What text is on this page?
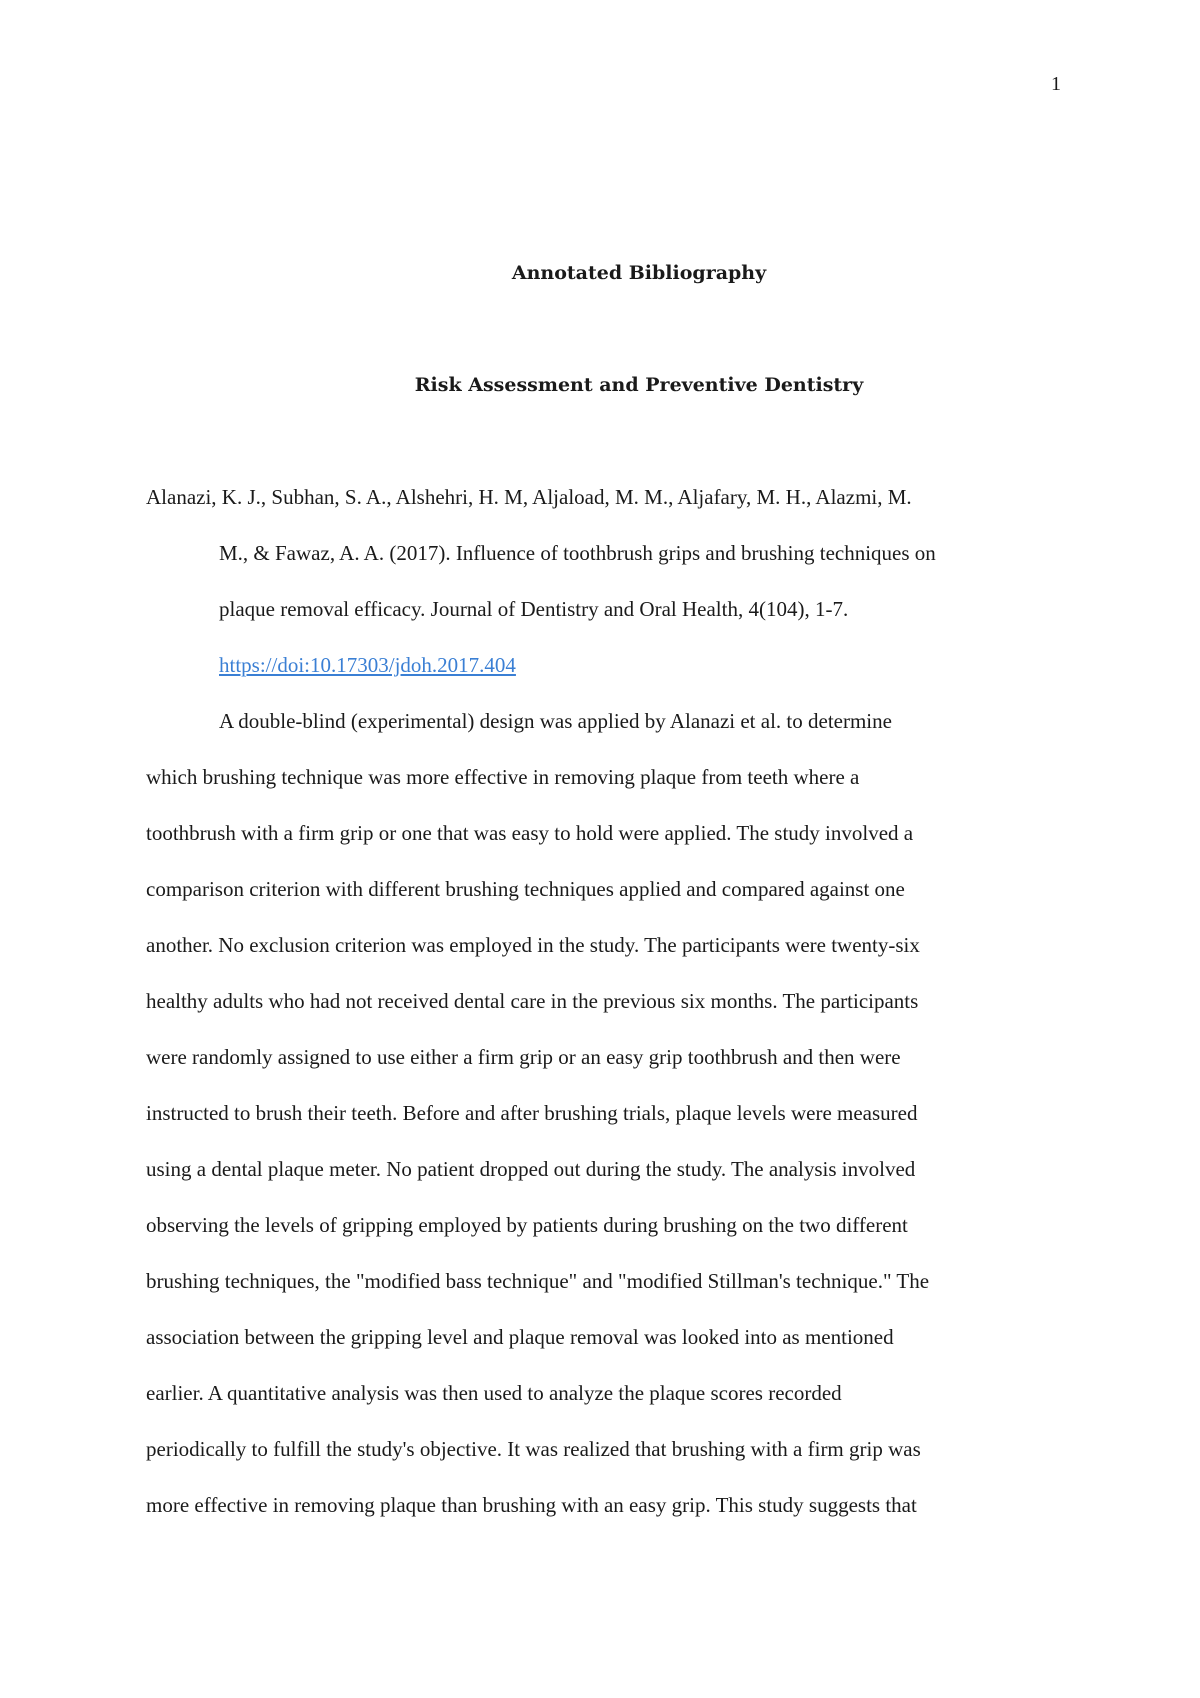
1
Annotated Bibliography
Risk Assessment and Preventive Dentistry
Alanazi, K. J., Subhan, S. A., Alshehri, H. M, Aljaload, M. M., Aljafary, M. H., Alazmi, M.
M., & Fawaz, A. A. (2017). Influence of toothbrush grips and brushing techniques on
plaque removal efficacy. Journal of Dentistry and Oral Health, 4(104), 1-7.
https://doi:10.17303/jdoh.2017.404
A double-blind (experimental) design was applied by Alanazi et al. to determine
which brushing technique was more effective in removing plaque from teeth where a
toothbrush with a firm grip or one that was easy to hold were applied. The study involved a
comparison criterion with different brushing techniques applied and compared against one
another. No exclusion criterion was employed in the study. The participants were twenty-six
healthy adults who had not received dental care in the previous six months. The participants
were randomly assigned to use either a firm grip or an easy grip toothbrush and then were
instructed to brush their teeth. Before and after brushing trials, plaque levels were measured
using a dental plaque meter. No patient dropped out during the study. The analysis involved
observing the levels of gripping employed by patients during brushing on the two different
brushing techniques, the "modified bass technique" and "modified Stillman's technique." The
association between the gripping level and plaque removal was looked into as mentioned
earlier. A quantitative analysis was then used to analyze the plaque scores recorded
periodically to fulfill the study's objective. It was realized that brushing with a firm grip was
more effective in removing plaque than brushing with an easy grip. This study suggests that
